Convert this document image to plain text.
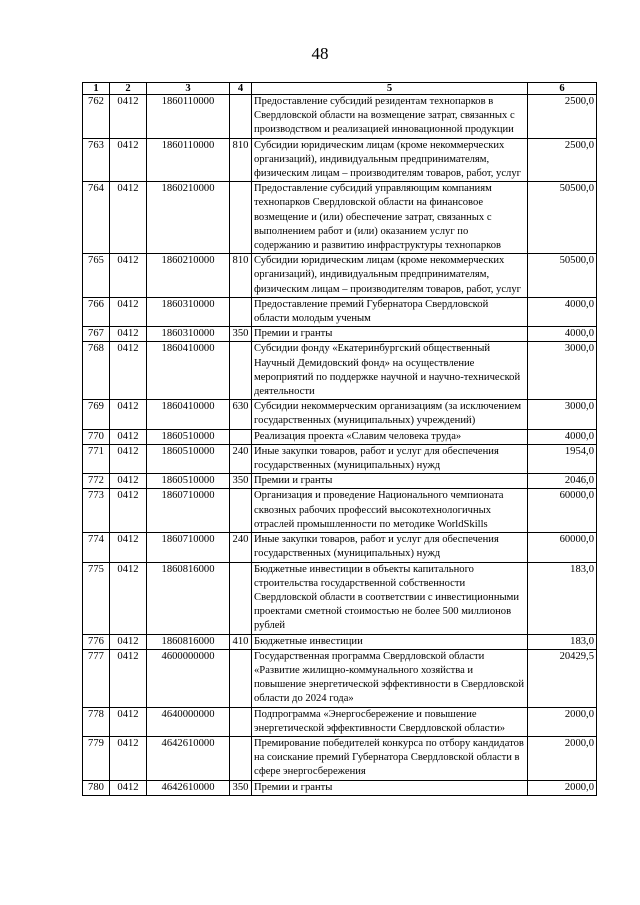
48
1	2	3	4	5	6
762	0412	1860110000		Предоставление субсидий резидентам технопарков в Свердловской области на возмещение затрат, связанных с производством и реализацией инновационной продукции	2500,0
763	0412	1860110000	810	Субсидии юридическим лицам (кроме некоммерческих организаций), индивидуальным предпринимателям, физическим лицам – производителям товаров, работ, услуг	2500,0
764	0412	1860210000		Предоставление субсидий управляющим компаниям технопарков Свердловской области на финансовое возмещение и (или) обеспечение затрат, связанных с выполнением работ и (или) оказанием услуг по содержанию и развитию инфраструктуры технопарков	50500,0
765	0412	1860210000	810	Субсидии юридическим лицам (кроме некоммерческих организаций), индивидуальным предпринимателям, физическим лицам – производителям товаров, работ, услуг	50500,0
766	0412	1860310000		Предоставление премий Губернатора Свердловской области молодым ученым	4000,0
767	0412	1860310000	350	Премии и гранты	4000,0
768	0412	1860410000		Субсидии фонду «Екатеринбургский общественный Научный Демидовский фонд» на осуществление мероприятий по поддержке научной и научно-технической деятельности	3000,0
769	0412	1860410000	630	Субсидии некоммерческим организациям (за исключением государственных (муниципальных) учреждений)	3000,0
770	0412	1860510000		Реализация проекта «Славим человека труда»	4000,0
771	0412	1860510000	240	Иные закупки товаров, работ и услуг для обеспечения государственных (муниципальных) нужд	1954,0
772	0412	1860510000	350	Премии и гранты	2046,0
773	0412	1860710000		Организация и проведение Национального чемпионата сквозных рабочих профессий высокотехнологичных отраслей промышленности по методике WorldSkills	60000,0
774	0412	1860710000	240	Иные закупки товаров, работ и услуг для обеспечения государственных (муниципальных) нужд	60000,0
775	0412	1860816000		Бюджетные инвестиции в объекты капитального строительства государственной собственности Свердловской области в соответствии с инвестиционными проектами сметной стоимостью не более 500 миллионов рублей	183,0
776	0412	1860816000	410	Бюджетные инвестиции	183,0
777	0412	4600000000		Государственная программа Свердловской области «Развитие жилищно-коммунального хозяйства и повышение энергетической эффективности в Свердловской области до 2024 года»	20429,5
778	0412	4640000000		Подпрограмма «Энергосбережение и повышение энергетической эффективности Свердловской области»	2000,0
779	0412	4642610000		Премирование победителей конкурса по отбору кандидатов на соискание премий Губернатора Свердловской области в сфере энергосбережения	2000,0
780	0412	4642610000	350	Премии и гранты	2000,0
